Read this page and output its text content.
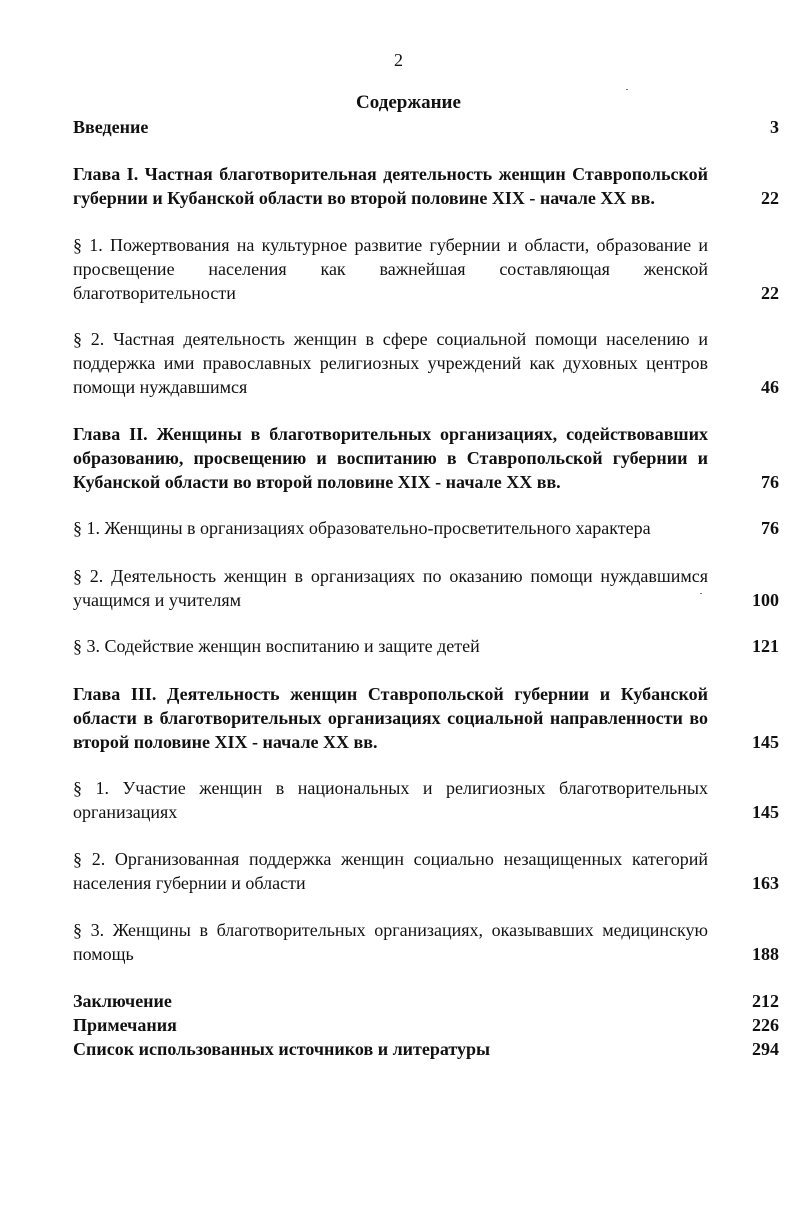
2
Содержание
Введение	3
Глава I. Частная благотворительная деятельность женщин Ставропольской губернии и Кубанской области во второй половине XIX - начале XX вв.	22
§ 1. Пожертвования на культурное развитие губернии и области, образование и просвещение населения как важнейшая составляющая женской благотворительности	22
§ 2. Частная деятельность женщин в сфере социальной помощи населению и поддержка ими православных религиозных учреждений как духовных центров помощи нуждавшимся	46
Глава II. Женщины в благотворительных организациях, содействовавших образованию, просвещению и воспитанию в Ставропольской губернии и Кубанской области во второй половине XIX - начале XX вв.	76
§ 1. Женщины в организациях образовательно-просветительного характера	76
§ 2. Деятельность женщин в организациях по оказанию помощи нуждавшимся учащимся и учителям	100
§ 3. Содействие женщин воспитанию и защите детей	121
Глава III. Деятельность женщин Ставропольской губернии и Кубанской области в благотворительных организациях социальной направленности во второй половине XIX - начале XX вв.	145
§ 1. Участие женщин в национальных и религиозных благотворительных организациях	145
§ 2. Организованная поддержка женщин социально незащищенных категорий населения губернии и области	163
§ 3. Женщины в благотворительных организациях, оказывавших медицинскую помощь	188
Заключение	212
Примечания	226
Список использованных источников и литературы	294
